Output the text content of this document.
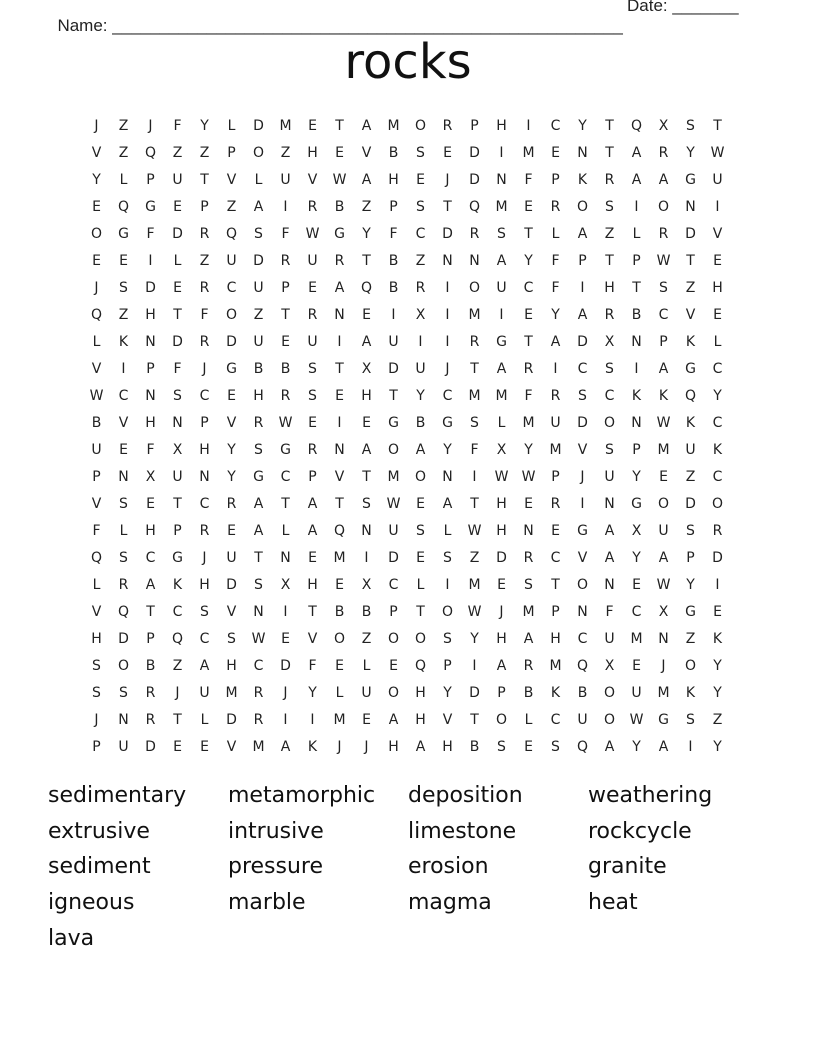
Name: ______________________________________________________

Date: _______

rocks
J	Z	J	F	Y	L	D	M	E	T	A	M	O	R	P	H	I	C	Y	T	Q	X	S	T
V	Z	Q	Z	Z	P	O	Z	H	E	V	B	S	E	D	I	M	E	N	T	A	R	Y	W
Y	L	P	U	T	V	L	U	V	W	A	H	E	J	D	N	F	P	K	R	A	A	G	U
E	Q	G	E	P	Z	A	I	R	B	Z	P	S	T	Q	M	E	R	O	S	I	O	N	I
O	G	F	D	R	Q	S	F	W	G	Y	F	C	D	R	S	T	L	A	Z	L	R	D	V
E	E	I	L	Z	U	D	R	U	R	T	B	Z	N	N	A	Y	F	P	T	P	W	T	E
J	S	D	E	R	C	U	P	E	A	Q	B	R	I	O	U	C	F	I	H	T	S	Z	H
Q	Z	H	T	F	O	Z	T	R	N	E	I	X	I	M	I	E	Y	A	R	B	C	V	E
L	K	N	D	R	D	U	E	U	I	A	U	I	I	R	G	T	A	D	X	N	P	K	L
V	I	P	F	J	G	B	B	S	T	X	D	U	J	T	A	R	I	C	S	I	A	G	C
W	C	N	S	C	E	H	R	S	E	H	T	Y	C	M	M	F	R	S	C	K	K	Q	Y
B	V	H	N	P	V	R	W	E	I	E	G	B	G	S	L	M	U	D	O	N	W	K	C
U	E	F	X	H	Y	S	G	R	N	A	O	A	Y	F	X	Y	M	V	S	P	M	U	K
P	N	X	U	N	Y	G	C	P	V	T	M	O	N	I	W W	P	J	U	Y	E	Z	C
V	S	E	T	C	R	A	T	A	T	S	W	E	A	T	H	E	R	I	N	G	O	D	O
F	L	H	P	R	E	A	L	A	Q	N	U	S	L	W	H	N	E	G	A	X	U	S	R
Q	S	C	G	J	U	T	N	E	M	I	D	E	S	Z	D	R	C	V	A	Y	A	P	D
L	R	A	K	H	D	S	X	H	E	X	C	L	I	M	E	S	T	O	N	E	W	Y	I
V	Q	T	C	S	V	N	I	T	B	B	P	T	O	W	J	M	P	N	F	C	X	G	E
H	D	P	Q	C	S	W	E	V	O	Z	O	O	S	Y	H	A	H	C	U	M	N	Z	K
S	O	B	Z	A	H	C	D	F	E	L	E	Q	P	I	A	R	M	Q	X	E	J	O	Y
S	S	R	J	U	M	R	J	Y	L	U	O	H	Y	D	P	B	K	B	O	U	M	K	Y
J	N	R	T	L	D	R	I	I	M	E	A	H	V	T	O	L	C	U	O	W	G	S	Z
P	U	D	E	E	V	M	A	K	J	J	H	A	H	B	S	E	S	Q	A	Y	A	I	Y
sedimentary	metamorphic	deposition	weathering
extrusive	intrusive	limestone	rockcycle
sediment	pressure	erosion	granite
igneous	marble	magma	heat
lava
